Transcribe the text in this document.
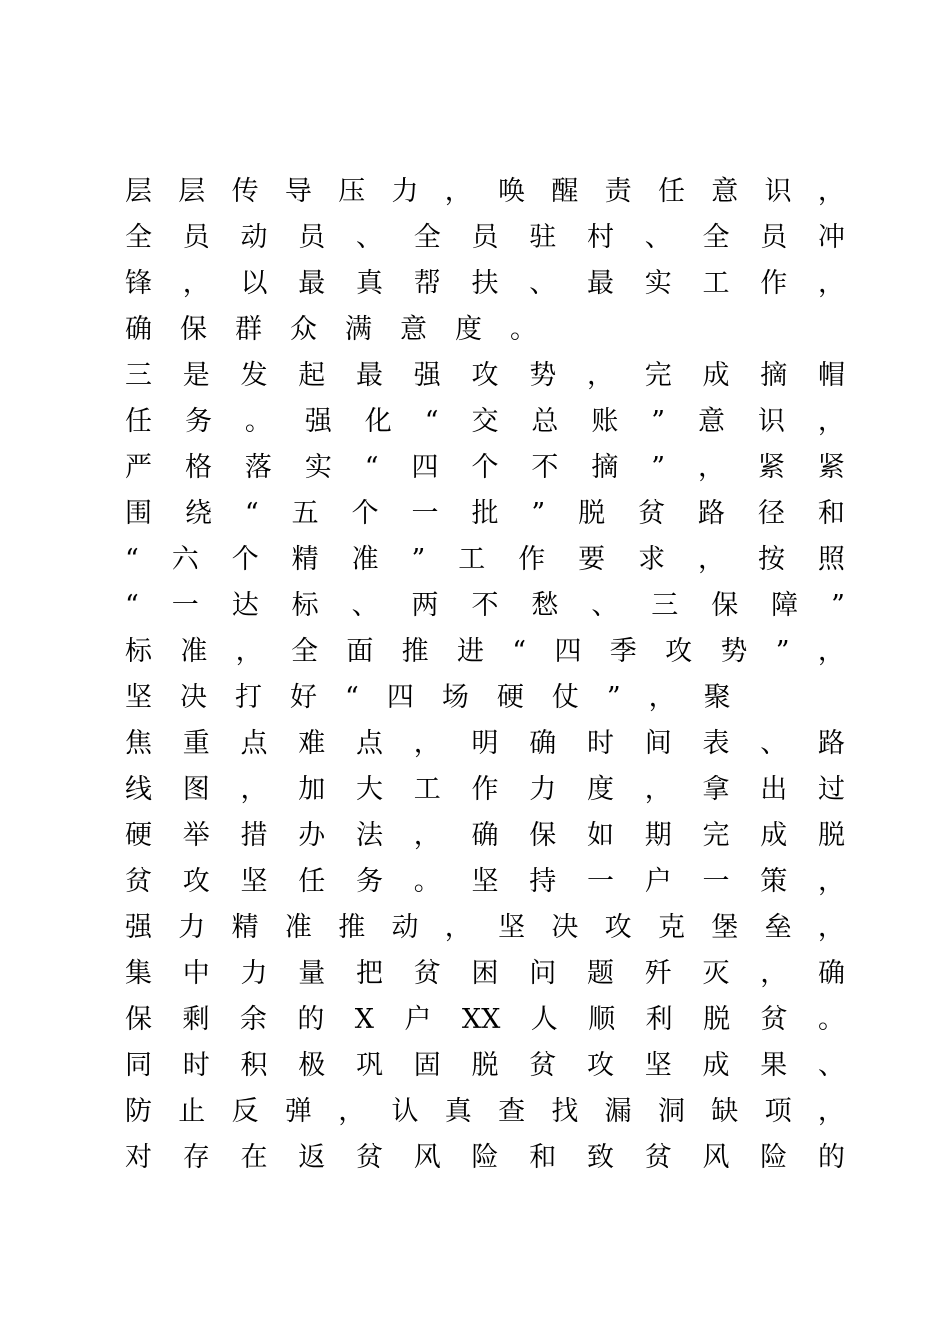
层 层 传 导 压 力 ， 唤 醒 责 任 意 识 ，
全 员 动 员 、 全 员 驻 村 、 全 员 冲
锋 ， 以 最 真 帮 扶 、 最 实 工 作 ，
确 保 群 众 满 意 度 。
三 是 发 起 最 强 攻 势 ， 完 成 摘 帽
任 务 。 强 化 “ 交 总 账 ” 意 识 ，
严 格 落 实 “ 四 个 不 摘 ” ， 紧 紧
围 绕 “ 五 个 一 批 ” 脱 贫 路 径 和
“ 六 个 精 准 ” 工 作 要 求 ， 按 照
“ 一 达 标 、 两 不 愁 、 三 保 障 ”
标 准 ， 全 面 推 进 “ 四 季 攻 势 ” ，
坚 决 打 好 “ 四 场 硬 仗 ” ， 聚
焦 重 点 难 点 ， 明 确 时 间 表 、 路
线 图 ， 加 大 工 作 力 度 ， 拿 出 过
硬 举 措 办 法 ， 确 保 如 期 完 成 脱
贫 攻 坚 任 务 。 坚 持 一 户 一 策 ，
强 力 精 准 推 动 ， 坚 决 攻 克 堡 垒 ，
集 中 力 量 把 贫 困 问 题 歼 灭 ， 确
保 剩 余 的 X 户 XX 人 顺 利 脱 贫 。
同 时 积 极 巩 固 脱 贫 攻 坚 成 果 、
防 止 反 弹 ， 认 真 查 找 漏 洞 缺 项 ，
对 存 在 返 贫 风 险 和 致 贫 风 险 的
